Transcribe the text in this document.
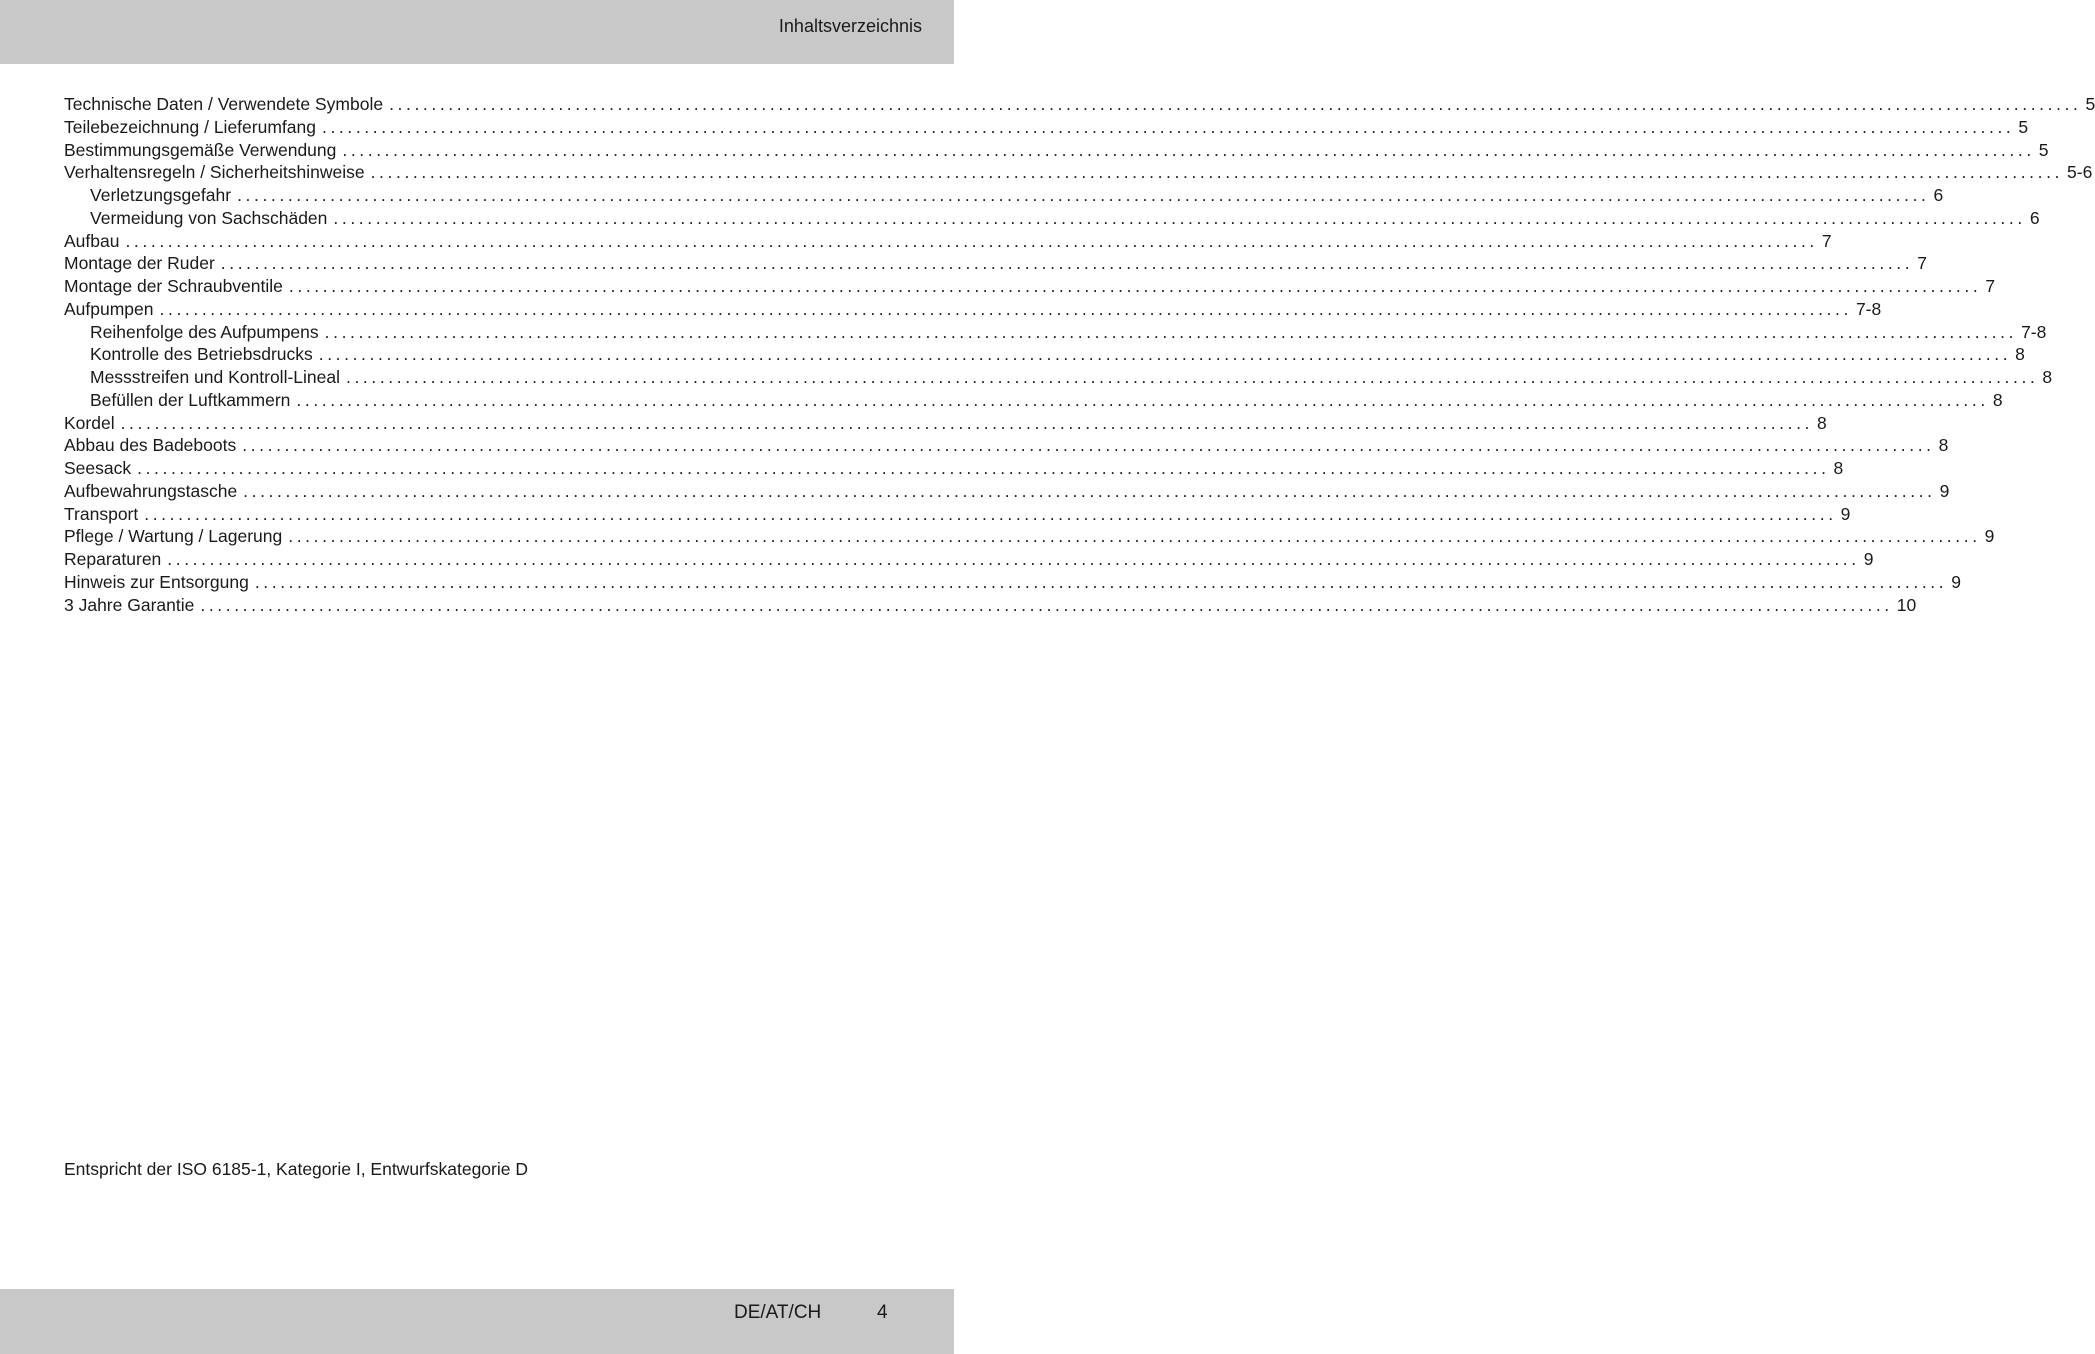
Inhaltsverzeichnis
Technische Daten / Verwendete Symbole ........................................................................................................................................................................................................ 5
Teilebezeichnung / Lieferumfang ........................................................................................................................................................................................................ 5
Bestimmungsgemäße Verwendung ........................................................................................................................................................................................................ 5
Verhaltensregeln / Sicherheitshinweise ........................................................................................................................................................................................................ 5-6
Verletzungsgefahr ........................................................................................................................................................................................................ 6
Vermeidung von Sachschäden ........................................................................................................................................................................................................ 6
Aufbau ........................................................................................................................................................................................................ 7
Montage der Ruder ........................................................................................................................................................................................................ 7
Montage der Schraubventile ........................................................................................................................................................................................................ 7
Aufpumpen ........................................................................................................................................................................................................ 7-8
Reihenfolge des Aufpumpens ........................................................................................................................................................................................................ 7-8
Kontrolle des Betriebsdrucks ........................................................................................................................................................................................................ 8
Messstreifen und Kontroll-Lineal ........................................................................................................................................................................................................ 8
Befüllen der Luftkammern ........................................................................................................................................................................................................ 8
Kordel ........................................................................................................................................................................................................ 8
Abbau des Badeboots ........................................................................................................................................................................................................ 8
Seesack ........................................................................................................................................................................................................ 8
Aufbewahrungstasche ........................................................................................................................................................................................................ 9
Transport ........................................................................................................................................................................................................ 9
Pflege / Wartung / Lagerung ........................................................................................................................................................................................................ 9
Reparaturen ........................................................................................................................................................................................................ 9
Hinweis zur Entsorgung ........................................................................................................................................................................................................ 9
3 Jahre Garantie ........................................................................................................................................................................................................ 10

Entspricht der ISO 6185-1, Kategorie I, Entwurfskategorie D

DE/AT/CH	4
